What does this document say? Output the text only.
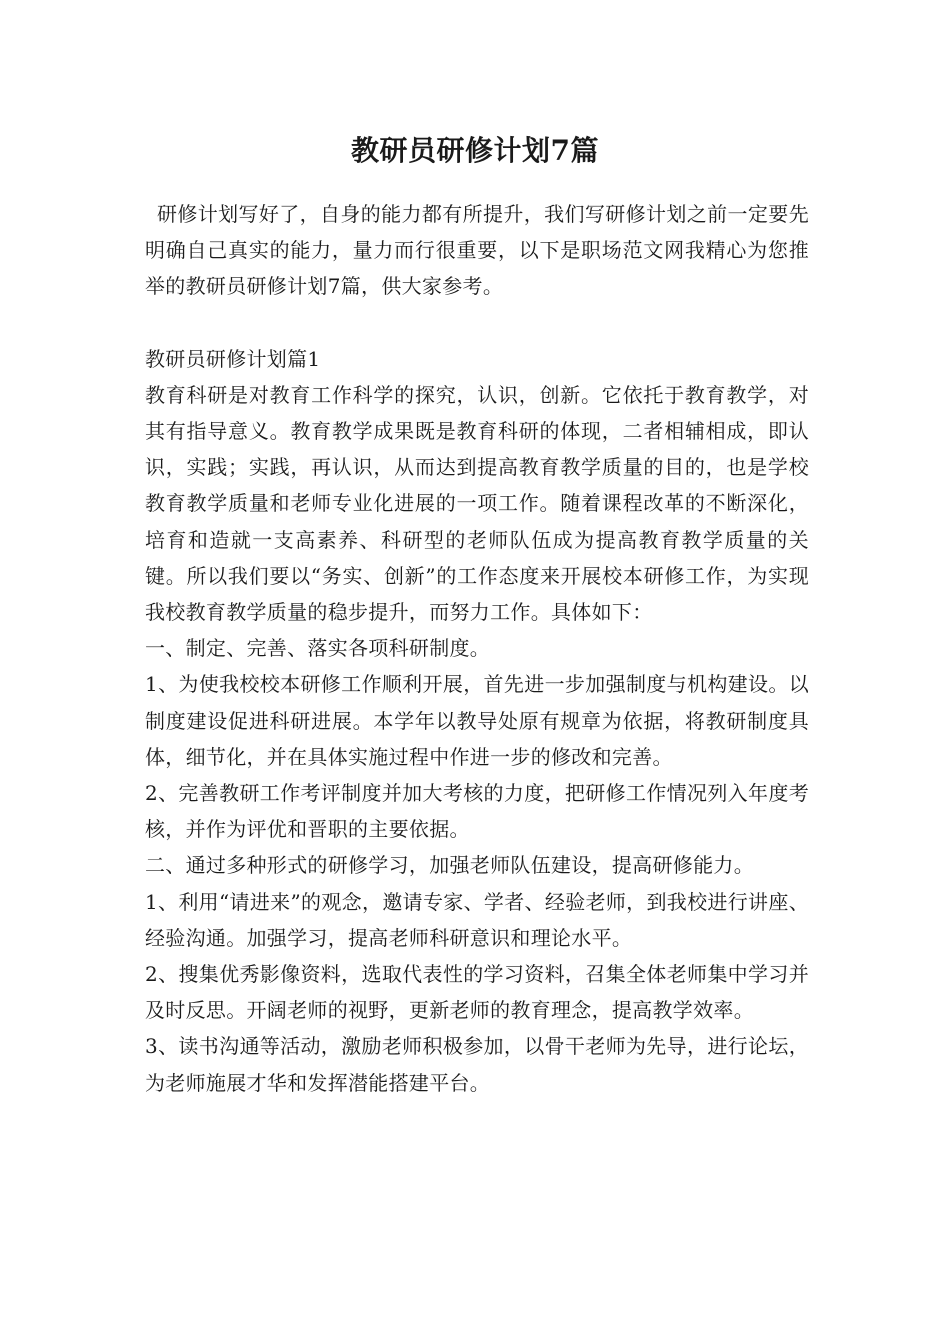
教研员研修计划7篇

研修计划写好了，自身的能力都有所提升，我们写研修计划之前一定要先明确自己真实的能力，量力而行很重要，以下是职场范文网我精心为您推举的教研员研修计划7篇，供大家参考。

教研员研修计划篇1

教育科研是对教育工作科学的探究，认识，创新。它依托于教育教学，对其有指导意义。教育教学成果既是教育科研的体现，二者相辅相成，即认识，实践；实践，再认识，从而达到提高教育教学质量的目的，也是学校教育教学质量和老师专业化进展的一项工作。随着课程改革的不断深化，培育和造就一支高素养、科研型的老师队伍成为提高教育教学质量的关键。所以我们要以“务实、创新”的工作态度来开展校本研修工作，为实现我校教育教学质量的稳步提升，而努力工作。具体如下：

一、制定、完善、落实各项科研制度。

1、为使我校校本研修工作顺利开展，首先进一步加强制度与机构建设。以制度建设促进科研进展。本学年以教导处原有规章为依据，将教研制度具体，细节化，并在具体实施过程中作进一步的修改和完善。

2、完善教研工作考评制度并加大考核的力度，把研修工作情况列入年度考核，并作为评优和晋职的主要依据。

二、通过多种形式的研修学习，加强老师队伍建设，提高研修能力。

1、利用“请进来”的观念，邀请专家、学者、经验老师，到我校进行讲座、经验沟通。加强学习，提高老师科研意识和理论水平。

2、搜集优秀影像资料，选取代表性的学习资料，召集全体老师集中学习并及时反思。开阔老师的视野，更新老师的教育理念，提高教学效率。

3、读书沟通等活动，激励老师积极参加，以骨干老师为先导，进行论坛，为老师施展才华和发挥潜能搭建平台。
